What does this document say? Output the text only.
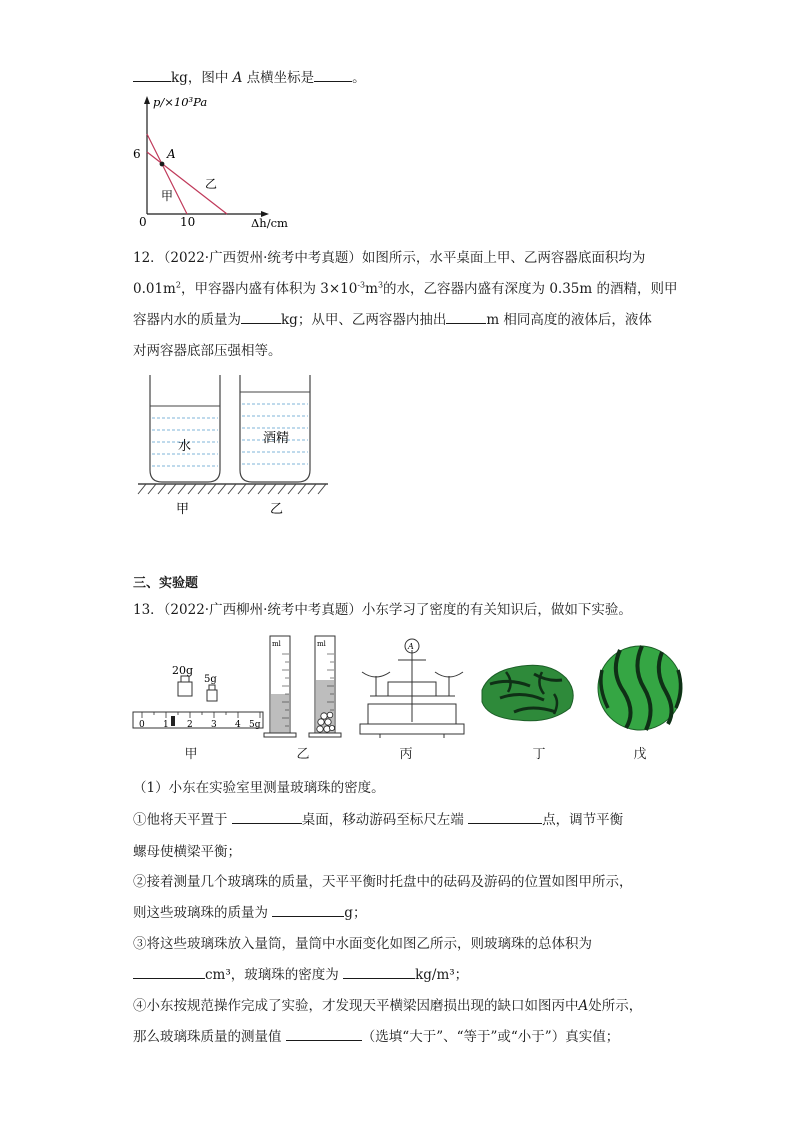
kg，图中 A 点横坐标是	。
p/×10³Pa
Δh/cm
6
10
0
A
甲
乙
12．（2022·广西贺州·统考中考真题）如图所示，水平桌面上甲、乙两容器底面积均为
$0.01m^2$，甲容器内盛有体积为 $3\times 10^{-3}m^3$的水，乙容器内盛有深度为 0.35m 的酒精，则甲
容器内水的质量为	kg；从甲、乙两容器内抽出	m 相同高度的液体后，液体
对两容器底部压强相等。
水
酒精
甲	乙
三、实验题
13．（2022·广西柳州·统考中考真题）小东学习了密度的有关知识后，做如下实验。
20g
5g
0 1 2 3 4 5g
ml	ml	A
甲	乙	丙	丁	戊
（1）小东在实验室里测量玻璃珠的密度。
①他将天平置于	桌面，移动游码至标尺左端	点，调节平衡
螺母使横梁平衡；
②接着测量几个玻璃珠的质量，天平平衡时托盘中的砝码及游码的位置如图甲所示，
则这些玻璃珠的质量为	g；
③将这些玻璃珠放入量筒，量筒中水面变化如图乙所示，则玻璃珠的总体积为
cm³，玻璃珠的密度为	kg/m³；
④小东按规范操作完成了实验，才发现天平横梁因磨损出现的缺口如图丙中A处所示，
那么玻璃珠质量的测量值	（选填“大于”、“等于”或“小于”）真实值；
